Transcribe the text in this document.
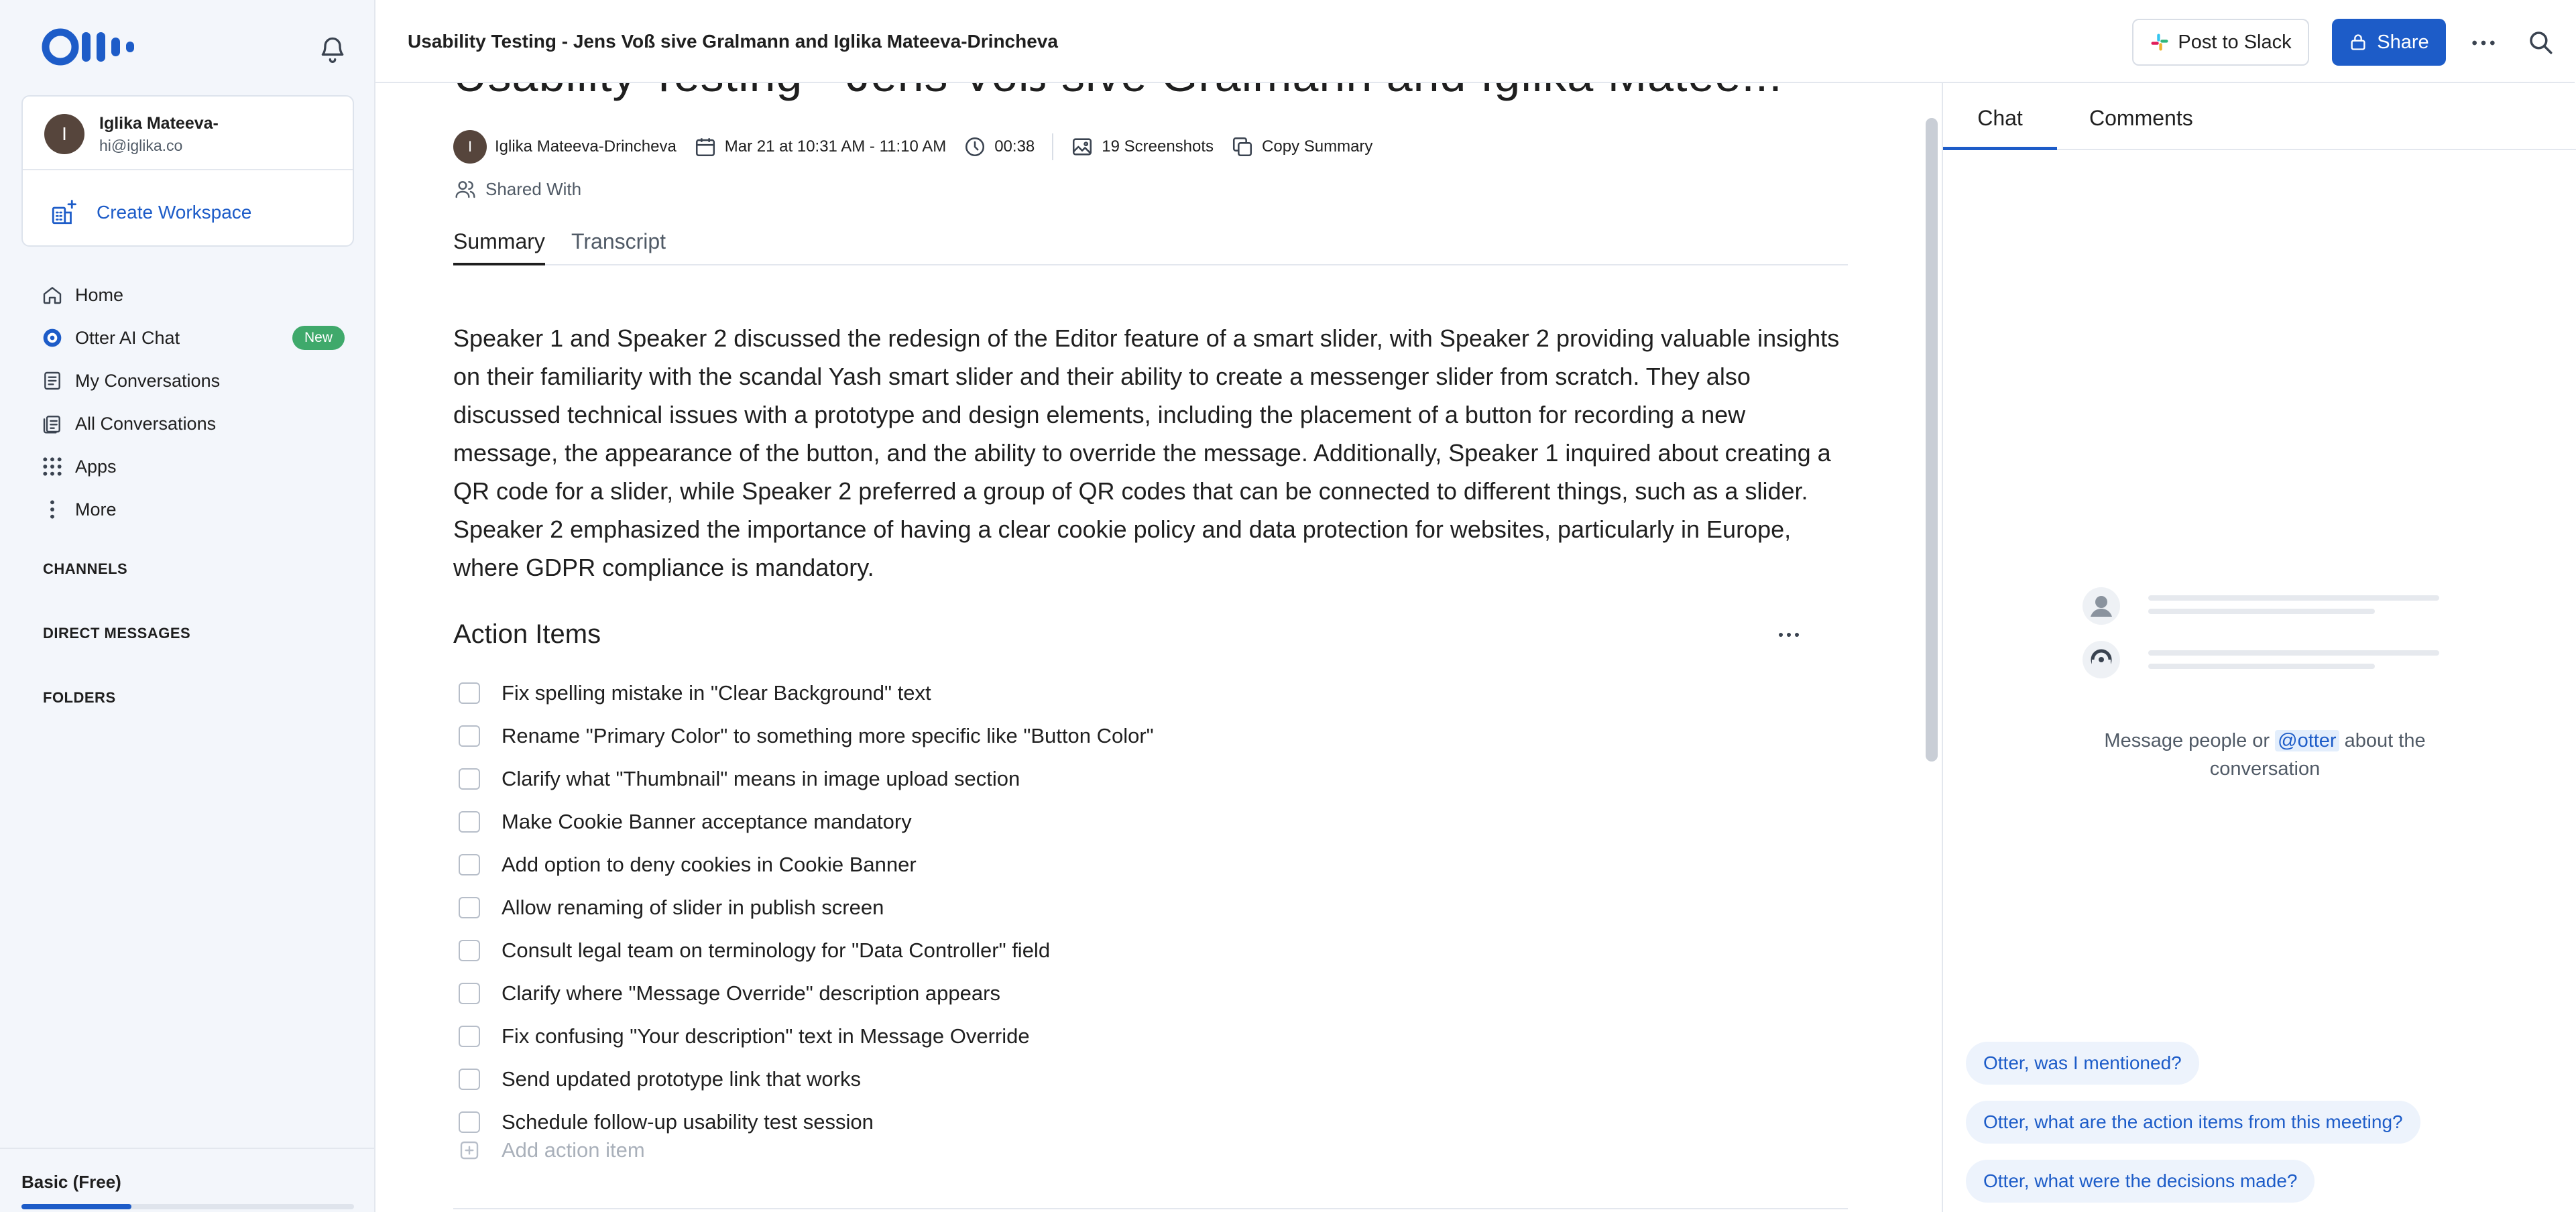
I	Iglika Mateeva-
hi@iglika.co
Create Workspace
Home
Otter AI Chat	New
My Conversations
All Conversations
Apps
More
CHANNELS
DIRECT MESSAGES
FOLDERS
Basic (Free)
Usability Testing - Jens Voß sive Gralmann and Iglika Mateeva-Drincheva	Post to Slack	Share
I	Iglika Mateeva-Drincheva	Mar 21 at 10:31 AM - 11:10 AM	00:38	19 Screenshots	Copy Summary
Shared With
Summary Transcript
Speaker 1 and Speaker 2 discussed the redesign of the Editor feature of a smart slider, with Speaker 2 providing valuable insights on their familiarity with the scandal Yash smart slider and their ability to create a messenger slider from scratch. They also discussed technical issues with a prototype and design elements, including the placement of a button for recording a new message, the appearance of the button, and the ability to override the message. Additionally, Speaker 1 inquired about creating a QR code for a slider, while Speaker 2 preferred a group of QR codes that can be connected to different things, such as a slider. Speaker 2 emphasized the importance of having a clear cookie policy and data protection for websites, particularly in Europe, where GDPR compliance is mandatory.
Action Items
Fix spelling mistake in "Clear Background" text
Rename "Primary Color" to something more specific like "Button Color"
Clarify what "Thumbnail" means in image upload section
Make Cookie Banner acceptance mandatory
Add option to deny cookies in Cookie Banner
Allow renaming of slider in publish screen
Consult legal team on terminology for "Data Controller" field
Clarify where "Message Override" description appears
Fix confusing "Your description" text in Message Override
Send updated prototype link that works
Schedule follow-up usability test session
Add action item
Chat	Comments
Message people or @otter about the conversation
Otter, was I mentioned?
Otter, what are the action items from this meeting?
Otter, what were the decisions made?
